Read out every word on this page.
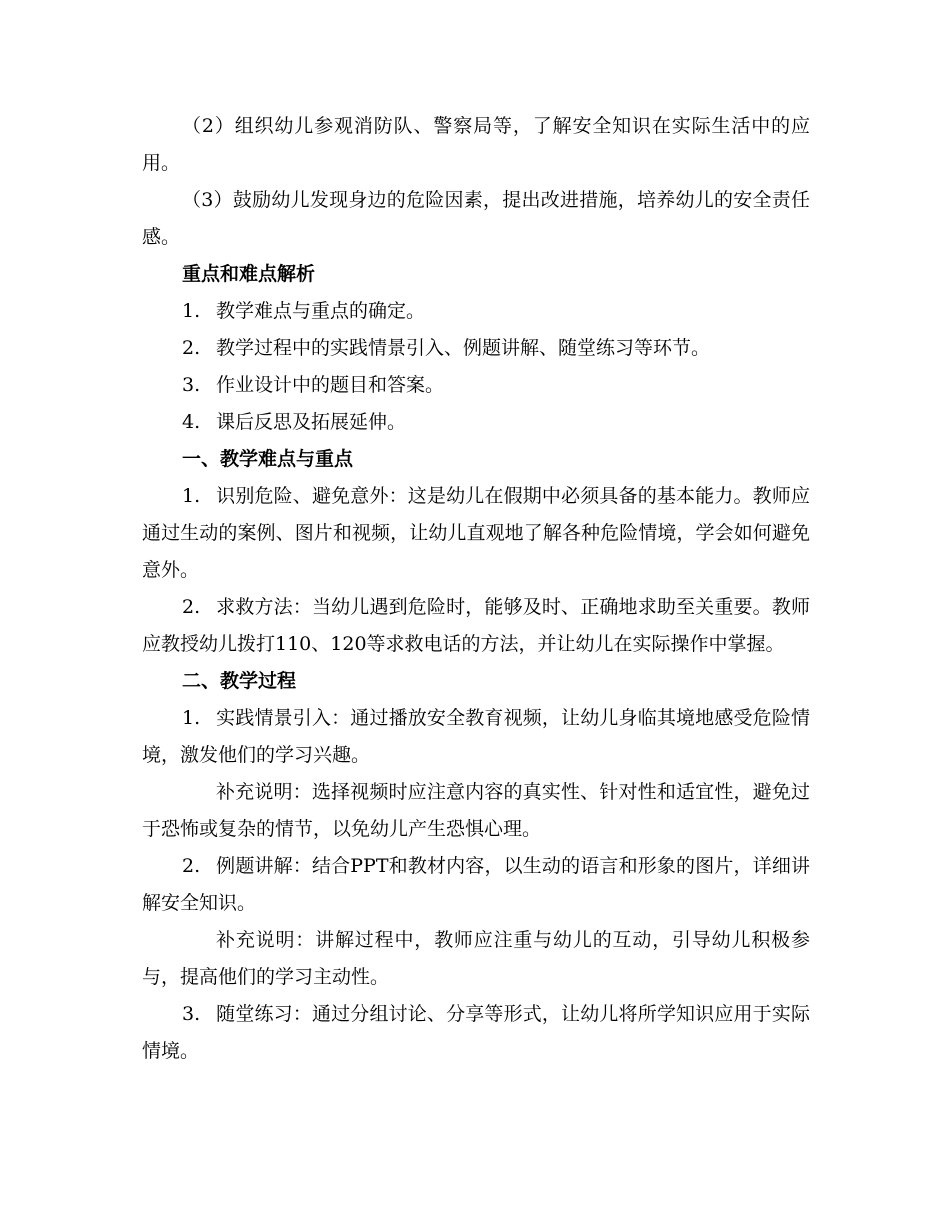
（2）组织幼儿参观消防队、警察局等，了解安全知识在实际生活中的应用。

（3）鼓励幼儿发现身边的危险因素，提出改进措施，培养幼儿的安全责任感。

重点和难点解析

1. 教学难点与重点的确定。

2. 教学过程中的实践情景引入、例题讲解、随堂练习等环节。

3. 作业设计中的题目和答案。

4. 课后反思及拓展延伸。

一、教学难点与重点

1. 识别危险、避免意外：这是幼儿在假期中必须具备的基本能力。教师应通过生动的案例、图片和视频，让幼儿直观地了解各种危险情境，学会如何避免意外。

2. 求救方法：当幼儿遇到危险时，能够及时、正确地求助至关重要。教师应教授幼儿拨打110、120等求救电话的方法，并让幼儿在实际操作中掌握。

二、教学过程

1. 实践情景引入：通过播放安全教育视频，让幼儿身临其境地感受危险情境，激发他们的学习兴趣。

补充说明：选择视频时应注意内容的真实性、针对性和适宜性，避免过于恐怖或复杂的情节，以免幼儿产生恐惧心理。

2. 例题讲解：结合PPT和教材内容，以生动的语言和形象的图片，详细讲解安全知识。

补充说明：讲解过程中，教师应注重与幼儿的互动，引导幼儿积极参与，提高他们的学习主动性。

3. 随堂练习：通过分组讨论、分享等形式，让幼儿将所学知识应用于实际情境。
